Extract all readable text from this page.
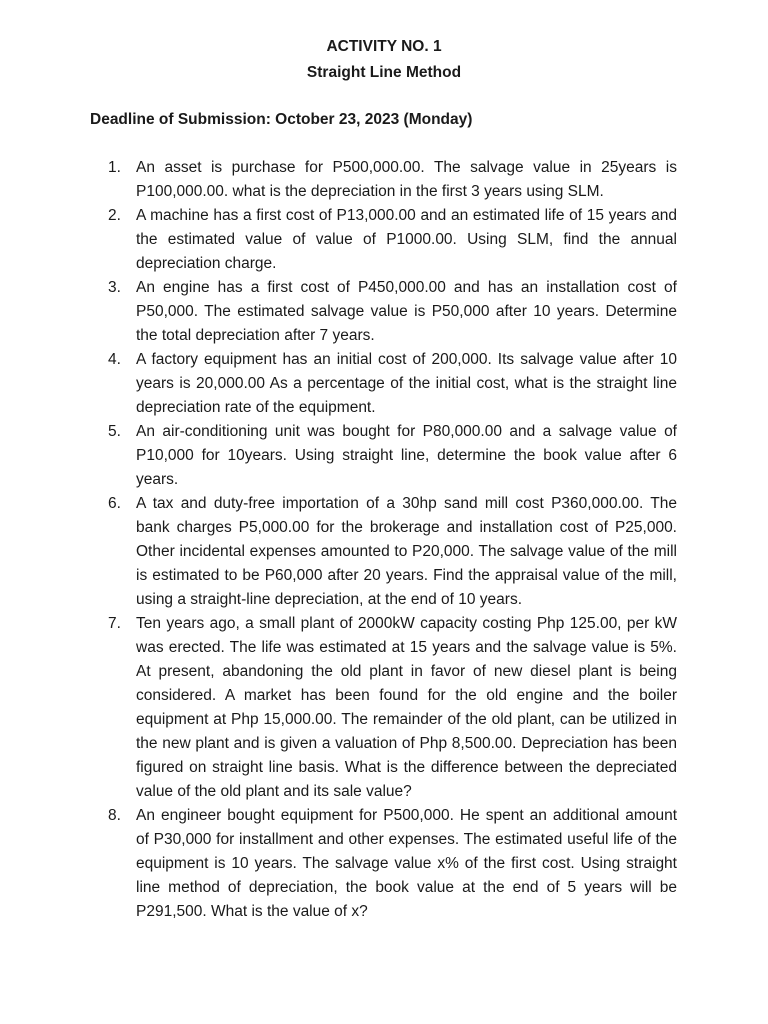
ACTIVITY NO. 1
Straight Line Method
Deadline of Submission: October 23, 2023 (Monday)
1. An asset is purchase for P500,000.00. The salvage value in 25years is P100,000.00. what is the depreciation in the first 3 years using SLM.
2. A machine has a first cost of P13,000.00 and an estimated life of 15 years and the estimated value of value of P1000.00. Using SLM, find the annual depreciation charge.
3. An engine has a first cost of P450,000.00 and has an installation cost of P50,000. The estimated salvage value is P50,000 after 10 years. Determine the total depreciation after 7 years.
4. A factory equipment has an initial cost of 200,000. Its salvage value after 10 years is 20,000.00 As a percentage of the initial cost, what is the straight line depreciation rate of the equipment.
5. An air-conditioning unit was bought for P80,000.00 and a salvage value of P10,000 for 10years. Using straight line, determine the book value after 6 years.
6. A tax and duty-free importation of a 30hp sand mill cost P360,000.00. The bank charges P5,000.00 for the brokerage and installation cost of P25,000. Other incidental expenses amounted to P20,000. The salvage value of the mill is estimated to be P60,000 after 20 years. Find the appraisal value of the mill, using a straight-line depreciation, at the end of 10 years.
7. Ten years ago, a small plant of 2000kW capacity costing Php 125.00, per kW was erected. The life was estimated at 15 years and the salvage value is 5%. At present, abandoning the old plant in favor of new diesel plant is being considered. A market has been found for the old engine and the boiler equipment at Php 15,000.00. The remainder of the old plant, can be utilized in the new plant and is given a valuation of Php 8,500.00. Depreciation has been figured on straight line basis. What is the difference between the depreciated value of the old plant and its sale value?
8. An engineer bought equipment for P500,000. He spent an additional amount of P30,000 for installment and other expenses. The estimated useful life of the equipment is 10 years. The salvage value x% of the first cost. Using straight line method of depreciation, the book value at the end of 5 years will be P291,500. What is the value of x?
